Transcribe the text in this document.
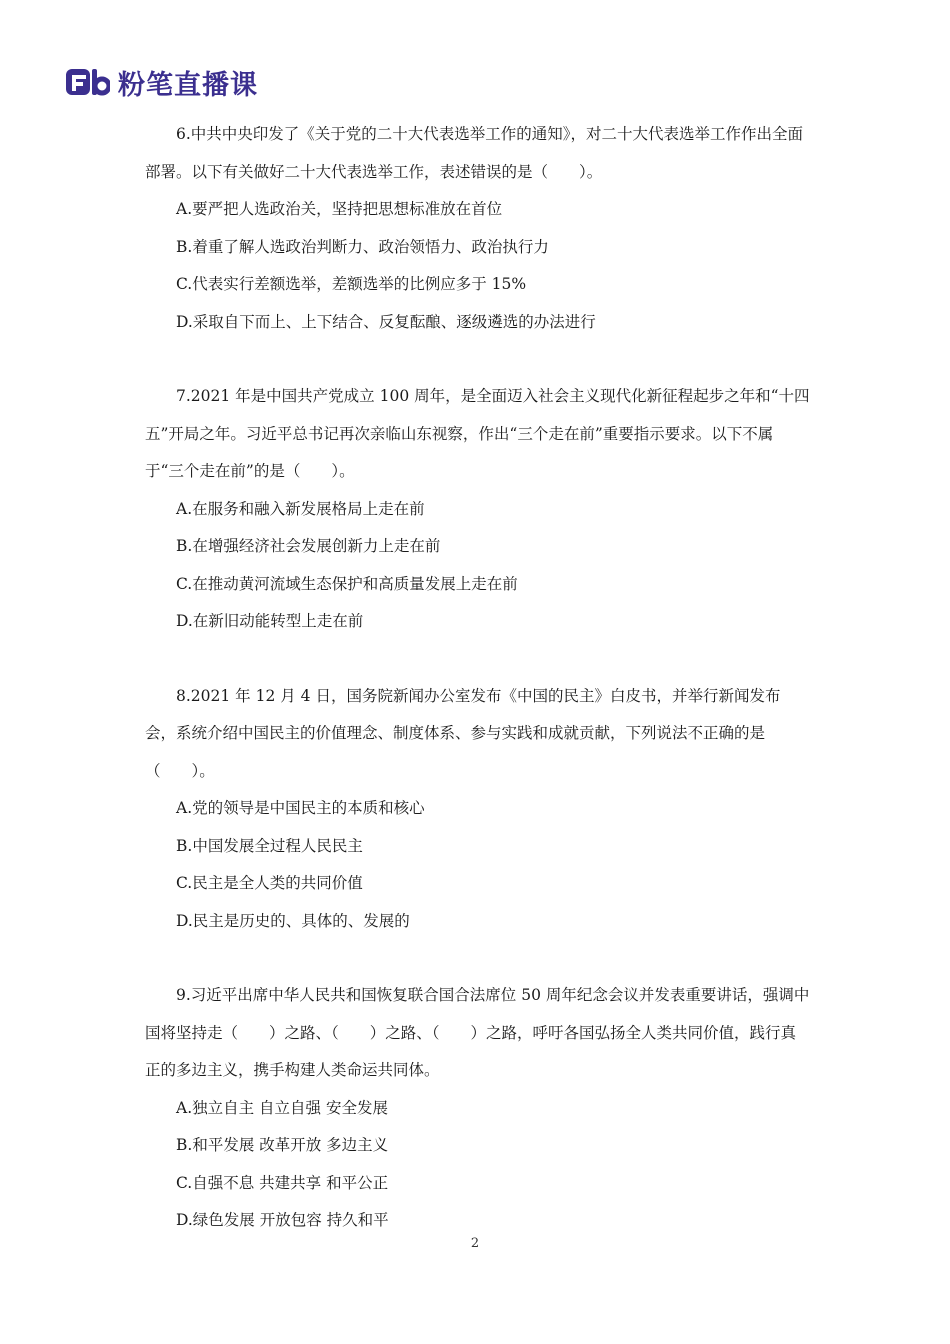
Fb
粉笔直播课

6.中共中央印发了《关于党的二十大代表选举工作的通知》，对二十大代表选举工作作出全面部署。以下有关做好二十大代表选举工作，表述错误的是（　　）。

A.要严把人选政治关，坚持把思想标准放在首位

B.着重了解人选政治判断力、政治领悟力、政治执行力

C.代表实行差额选举，差额选举的比例应多于 15%

D.采取自下而上、上下结合、反复酝酿、逐级遴选的办法进行

7.2021 年是中国共产党成立 100 周年，是全面迈入社会主义现代化新征程起步之年和“十四五”开局之年。习近平总书记再次亲临山东视察，作出“三个走在前”重要指示要求。以下不属于“三个走在前”的是（　　）。

A.在服务和融入新发展格局上走在前

B.在增强经济社会发展创新力上走在前

C.在推动黄河流域生态保护和高质量发展上走在前

D.在新旧动能转型上走在前

8.2021 年 12 月 4 日，国务院新闻办公室发布《中国的民主》白皮书，并举行新闻发布会，系统介绍中国民主的价值理念、制度体系、参与实践和成就贡献，下列说法不正确的是（　　）。

A.党的领导是中国民主的本质和核心

B.中国发展全过程人民民主

C.民主是全人类的共同价值

D.民主是历史的、具体的、发展的

9.习近平出席中华人民共和国恢复联合国合法席位 50 周年纪念会议并发表重要讲话，强调中国将坚持走（　　）之路、（　　）之路、（　　）之路，呼吁各国弘扬全人类共同价值，践行真正的多边主义，携手构建人类命运共同体。

A.独立自主 自立自强 安全发展

B.和平发展 改革开放 多边主义

C.自强不息 共建共享 和平公正

D.绿色发展 开放包容 持久和平

2
